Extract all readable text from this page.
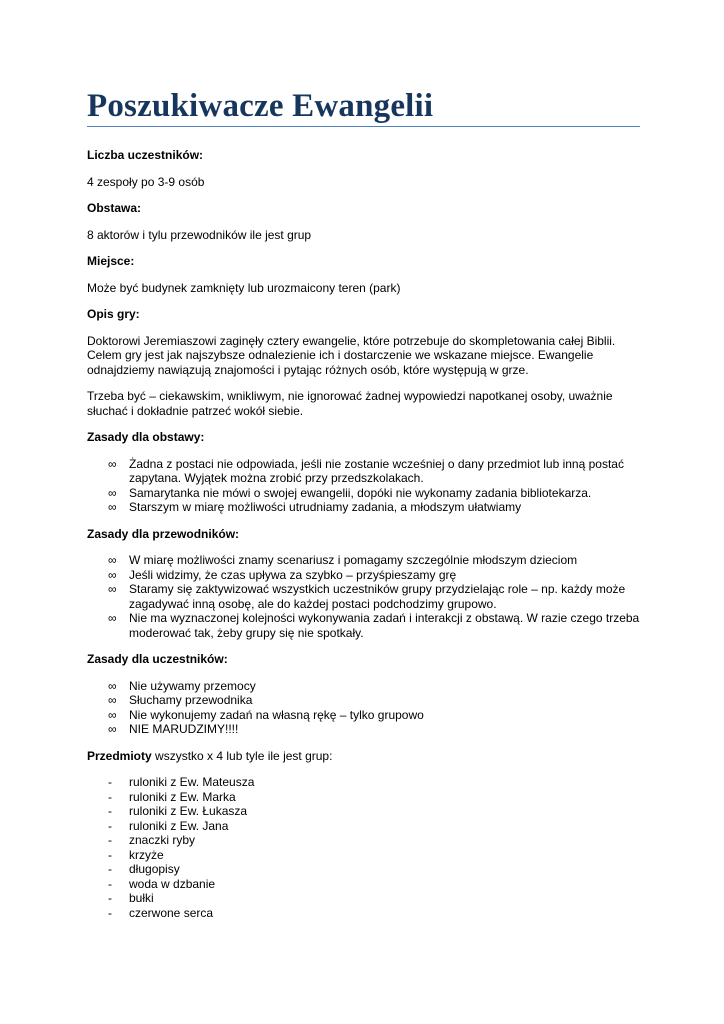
Poszukiwacze Ewangelii

Liczba uczestników:

4 zespoły po 3-9 osób

Obstawa:

8 aktorów i tylu przewodników ile jest grup

Miejsce:

Może być budynek zamknięty lub urozmaicony teren (park)

Opis gry:

Doktorowi Jeremiaszowi zaginęły cztery ewangelie, które potrzebuje do skompletowania całej Biblii. Celem gry jest jak najszybsze odnalezienie ich i dostarczenie we wskazane miejsce. Ewangelie odnajdziemy nawiązują znajomości i pytając różnych osób, które występują w grze.

Trzeba być – ciekawskim, wnikliwym, nie ignorować żadnej wypowiedzi napotkanej osoby, uważnie słuchać i dokładnie patrzeć wokół siebie.

Zasady dla obstawy:

∞ Żadna z postaci nie odpowiada, jeśli nie zostanie wcześniej o dany przedmiot lub inną postać zapytana. Wyjątek można zrobić przy przedszkolakach.
∞ Samarytanka nie mówi o swojej ewangelii, dopóki nie wykonamy zadania bibliotekarza.
∞ Starszym w miarę możliwości utrudniamy zadania, a młodszym ułatwiamy

Zasady dla przewodników:

∞ W miarę możliwości znamy scenariusz i pomagamy szczególnie młodszym dzieciom
∞ Jeśli widzimy, że czas upływa za szybko – przyśpieszamy grę
∞ Staramy się zaktywizować wszystkich uczestników grupy przydzielając role – np. każdy może zagadywać inną osobę, ale do każdej postaci podchodzimy grupowo.
∞ Nie ma wyznaczonej kolejności wykonywania zadań i interakcji z obstawą. W razie czego trzeba moderować tak, żeby grupy się nie spotkały.

Zasady dla uczestników:

∞ Nie używamy przemocy
∞ Słuchamy przewodnika
∞ Nie wykonujemy zadań na własną rękę – tylko grupowo
∞ NIE MARUDZIMY!!!!

Przedmioty wszystko x 4 lub tyle ile jest grup:

- ruloniki z Ew. Mateusza
- ruloniki z Ew. Marka
- ruloniki z Ew. Łukasza
- ruloniki z Ew. Jana
- znaczki ryby
- krzyże
- długopisy
- woda w dzbanie
- bułki
- czerwone serca
